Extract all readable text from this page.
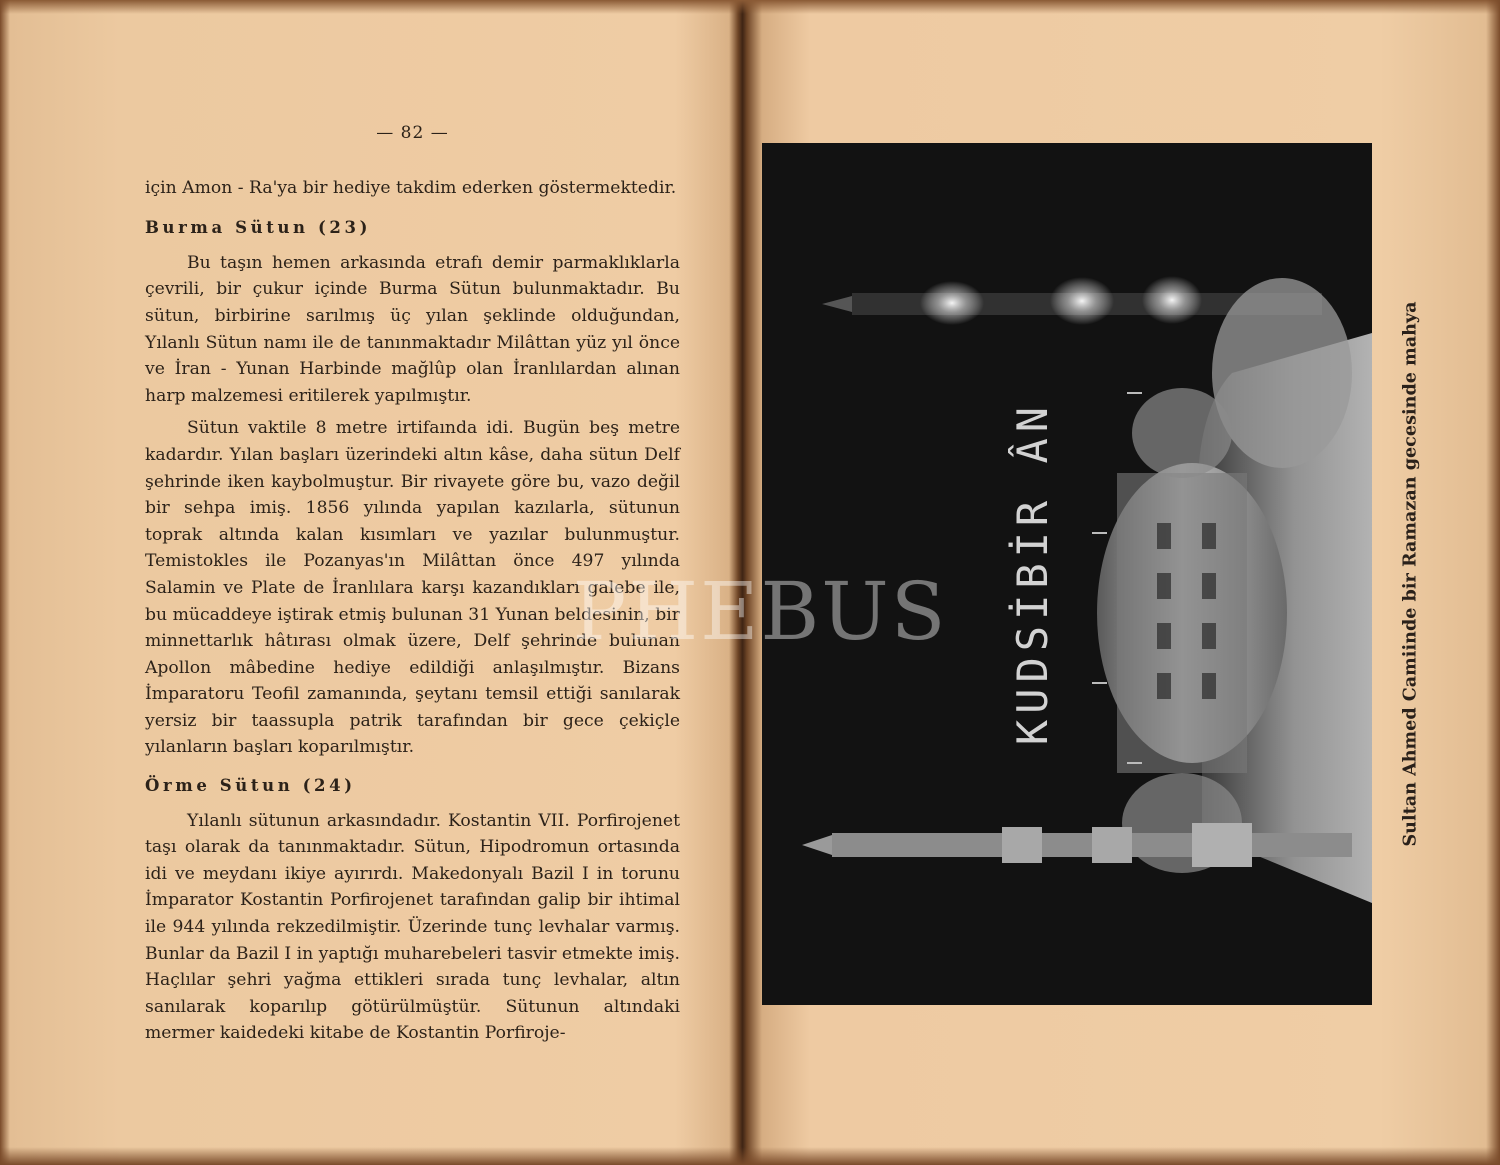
— 82 —

için Amon - Ra'ya bir hediye takdim ederken göstermektedir.

Burma Sütun (23)

Bu taşın hemen arkasında etrafı demir parmaklıklarla çevrili, bir çukur içinde Burma Sütun bulunmaktadır. Bu sütun, birbirine sarılmış üç yılan şeklinde olduğundan, Yılanlı Sütun namı ile de tanınmaktadır Milâttan yüz yıl önce ve İran - Yunan Harbinde mağlûp olan İranlılardan alınan harp malzemesi eritilerek yapılmıştır.

Sütun vaktile 8 metre irtifaında idi. Bugün beş metre kadardır. Yılan başları üzerindeki altın kâse, daha sütun Delf şehrinde iken kaybolmuştur. Bir rivayete göre bu, vazo değil bir sehpa imiş. 1856 yılında yapılan kazılarla, sütunun toprak altında kalan kısımları ve yazılar bulunmuştur. Temistokles ile Pozanyas'ın Milâttan önce 497 yılında Salamin ve Plate de İranlılara karşı kazandıkları galebe ile, bu mücaddeye iştirak etmiş bulunan 31 Yunan beldesinin, bir minnettarlık hâtırası olmak üzere, Delf şehrinde bulunan Apollon mâbedine hediye edildiği anlaşılmıştır. Bizans İmparatoru Teofil zamanında, şeytanı temsil ettiği sanılarak yersiz bir taassupla patrik tarafından bir gece çekiçle yılanların başları koparılmıştır.

Örme Sütun (24)

Yılanlı sütunun arkasındadır. Kostantin VII. Porfirojenet taşı olarak da tanınmaktadır. Sütun, Hipodromun ortasında idi ve meydanı ikiye ayırırdı. Makedonyalı Bazil I in torunu İmparator Kostantin Porfirojenet tarafından galip bir ihtimal ile 944 yılında rekzedilmiştir. Üzerinde tunç levhalar varmış. Bunlar da Bazil I in yaptığı muharebeleri tasvir etmekte imiş. Haçlılar şehri yağma ettikleri sırada tunç levhalar, altın sanılarak koparılıp götürülmüştür. Sütunun altındaki mermer kaidedeki kitabe de Kostantin Porfiroje-

KUDSİBİR ÂN	Sultan Ahmed Camiinde bir Ramazan gecesinde mahya
PHEBUS
